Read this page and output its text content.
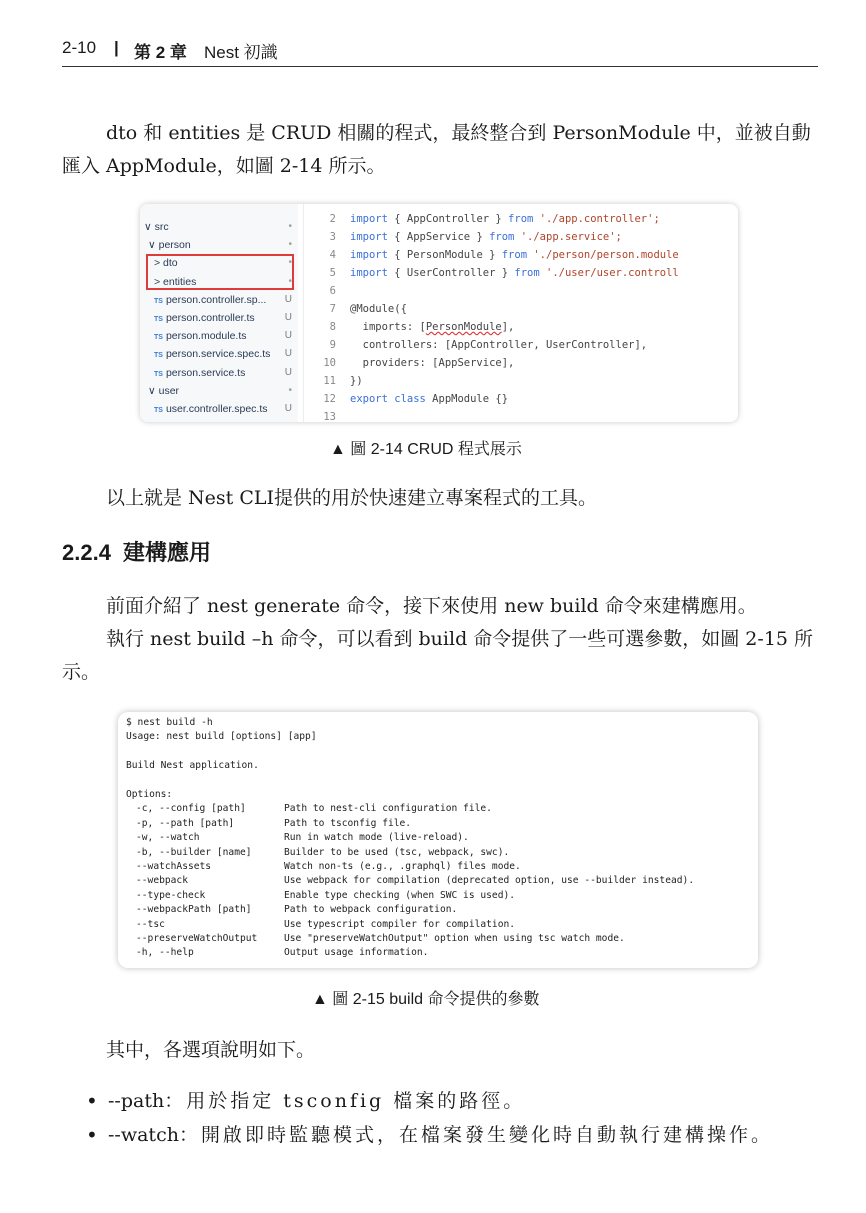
2-10 | 第 2 章 Nest 初識

dto 和 entities 是 CRUD 相關的程式，最終整合到 PersonModule 中，並被自動匯入 AppModule，如圖 2-14 所示。

∨ src	•
∨ person	•
> dto	•
> entities	•
TS person.controller.sp... U
TS person.controller.ts	U
TS person.module.ts	U
TS person.service.spec.ts U
TS person.service.ts	U
∨ user	•
TS user.controller.spec.ts U
2 import { AppController } from './app.controller';
3 import { AppService } from './app.service';
4 import { PersonModule } from './person/person.module
5 import { UserController } from './user/user.controll
6
7 @Module({
8 imports: [PersonModule],
9 controllers: [AppController, UserController],
10 providers: [AppService],
11 })
12 export class AppModule {}
13
▲ 圖 2-14 CRUD 程式展示

以上就是 Nest CLI提供的用於快速建立專案程式的工具。

2.2.4 建構應用

前面介紹了 nest generate 命令，接下來使用 new build 命令來建構應用。

執行 nest build –h 命令，可以看到 build 命令提供了一些可選參數，如圖 2-15 所示。

$ nest build -h
Usage: nest build [options] [app]
Build Nest application.
Options:
-c, --config [path]	Path to nest-cli configuration file.
-p, --path [path]	Path to tsconfig file.
-w, --watch	Run in watch mode (live-reload).
-b, --builder [name]	Builder to be used (tsc, webpack, swc).
--watchAssets	Watch non-ts (e.g., .graphql) files mode.
--webpack	Use webpack for compilation (deprecated option, use --builder instead).
--type-check	Enable type checking (when SWC is used).
--webpackPath [path]	Path to webpack configuration.
--tsc	Use typescript compiler for compilation.
--preserveWatchOutput	Use "preserveWatchOutput" option when using tsc watch mode.
-h, --help	Output usage information.
▲ 圖 2-15 build 命令提供的參數

其中，各選項說明如下。

• --path：用於指定 tsconfig 檔案的路徑。
• --watch：開啟即時監聽模式，在檔案發生變化時自動執行建構操作。
